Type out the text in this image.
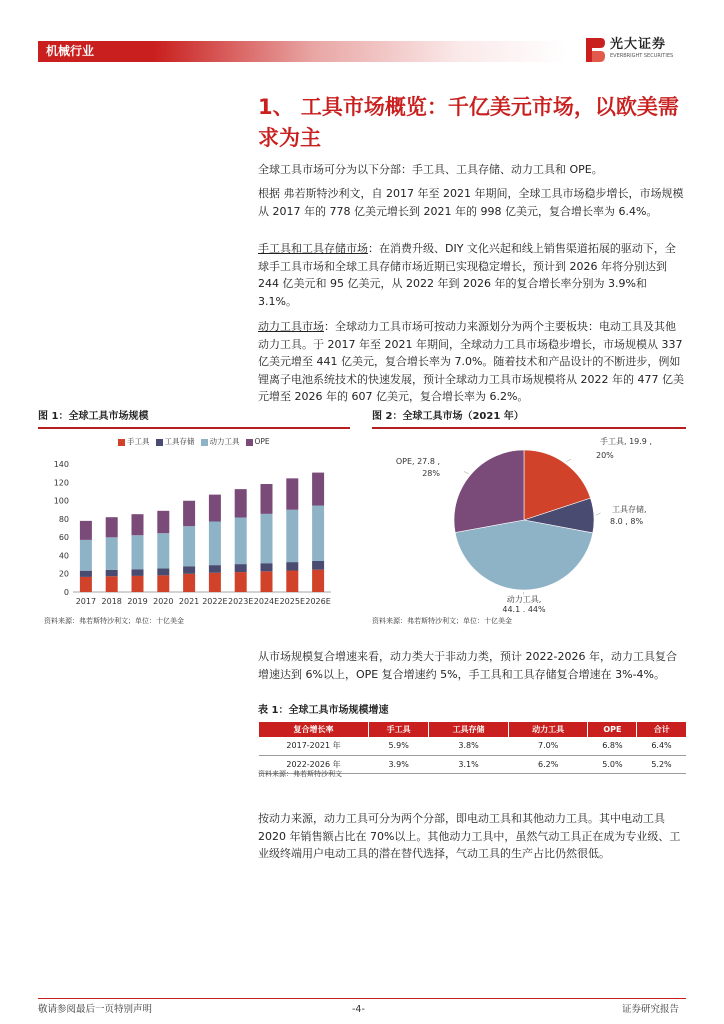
机械行业	光大证券
EVERBRIGHT SECURITIES
1、 工具市场概览：千亿美元市场，以欧美需求为主
全球工具市场可分为以下分部：手工具、工具存储、动力工具和 OPE。
根据 弗若斯特沙利文，自 2017 年至 2021 年期间，全球工具市场稳步增长，市场规模从 2017 年的 778 亿美元增长到 2021 年的 998 亿美元，复合增长率为 6.4%。
手工具和工具存储市场：在消费升级、DIY 文化兴起和线上销售渠道拓展的驱动下，全球手工具市场和全球工具存储市场近期已实现稳定增长，预计到 2026 年将分别达到 244 亿美元和 95 亿美元，从 2022 年到 2026 年的复合增长率分别为 3.9%和 3.1%。
动力工具市场：全球动力工具市场可按动力来源划分为两个主要板块：电动工具及其他动力工具。于 2017 年至 2021 年期间，全球动力工具市场稳步增长，市场规模从 337 亿美元增至 441 亿美元，复合增长率为 7.0%。随着技术和产品设计的不断进步，例如锂离子电池系统技术的快速发展，预计全球动力工具市场规模将从 2022 年的 477 亿美元增至 2026 年的 607 亿美元，复合增长率为 6.2%。
图 1：全球工具市场规模
手工具 工具存储 动力工具 OPE
0
20
40
60
80
100
120
140
2017 2018 2019 2020 2021 2022E 2023E 2024E 2025E 2026E
资料来源：弗若斯特沙利文；单位：十亿美金
图 2：全球工具市场（2021 年）
手工具, 19.9 ,
20%
工具存储,
8.0 , 8%
动力工具,
44.1 , 44%
OPE, 27.8 ,
28%
资料来源：弗若斯特沙利文；单位：十亿美金
从市场规模复合增速来看，动力类大于非动力类，预计 2022-2026 年，动力工具复合增速达到 6%以上，OPE 复合增速约 5%，手工具和工具存储复合增速在 3%-4%。
表 1：全球工具市场规模增速
复合增长率	手工具	工具存储	动力工具	OPE	合计
2017-2021 年	5.9%	3.8%	7.0%	6.8%	6.4%
2022-2026 年	3.9%	3.1%	6.2%	5.0%	5.2%
资料来源：弗若斯特沙利文
按动力来源，动力工具可分为两个分部，即电动工具和其他动力工具。其中电动工具 2020 年销售额占比在 70%以上。其他动力工具中，虽然气动工具正在成为专业级、工业级终端用户电动工具的潜在替代选择，气动工具的生产占比仍然很低。
敬请参阅最后一页特别声明	-4-	证券研究报告
